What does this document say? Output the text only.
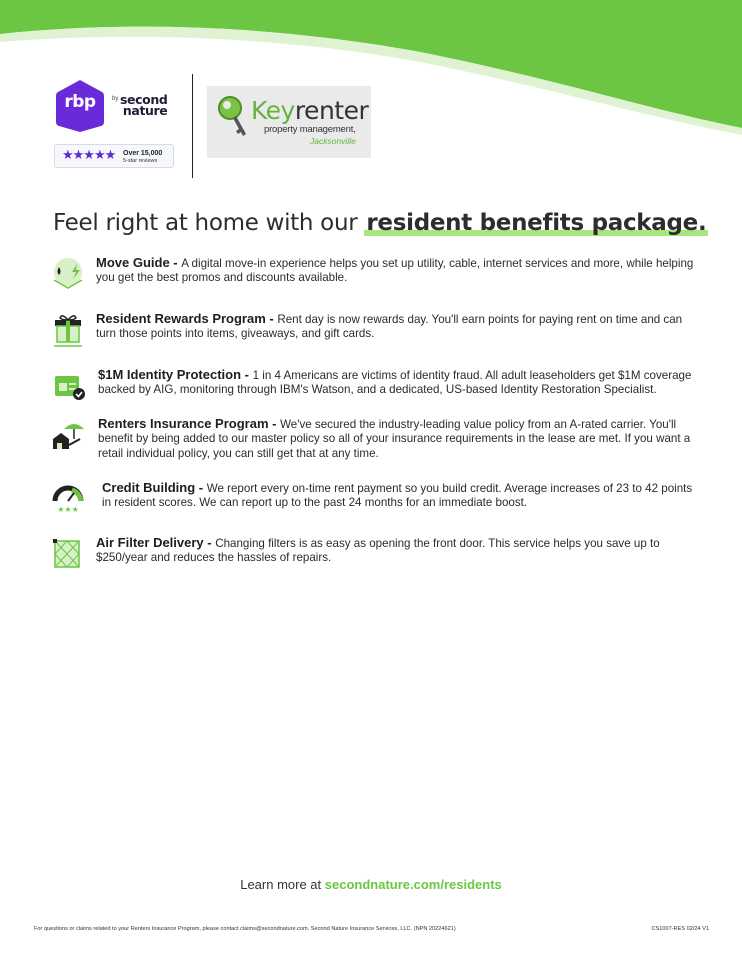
rbp	by second
nature
★★★★★ Over 15,000
5-star reviews
Keyrenter
property management,
Jacksonville
Feel right at home with our resident benefits package.
Move Guide - A digital move-in experience helps you set up utility, cable, internet services and more, while helping you get the best promos and discounts available.
Resident Rewards Program - Rent day is now rewards day. You'll earn points for paying rent on time and can turn those points into items, giveaways, and gift cards.
$1M Identity Protection - 1 in 4 Americans are victims of identity fraud. All adult leaseholders get $1M coverage backed by AIG, monitoring through IBM's Watson, and a dedicated, US-based Identity Restoration Specialist.
Renters Insurance Program - We've secured the industry-leading value policy from an A-rated carrier. You'll benefit by being added to our master policy so all of your insurance requirements in the lease are met. If you want a retail individual policy, you can still get that at any time.
★★★
Credit Building - We report every on-time rent payment so you build credit. Average increases of 23 to 42 points in resident scores. We can report up to the past 24 months for an immediate boost.
Air Filter Delivery - Changing filters is as easy as opening the front door. This service helps you save up to $250/year and reduces the hassles of repairs.
Learn more at secondnature.com/residents
For questions or claims related to your Renters Insurance Program, please contact claims@secondnature.com. Second Nature Insurance Services, LLC. (NPN 20224621)	CS1007-RES 02/24 V1
